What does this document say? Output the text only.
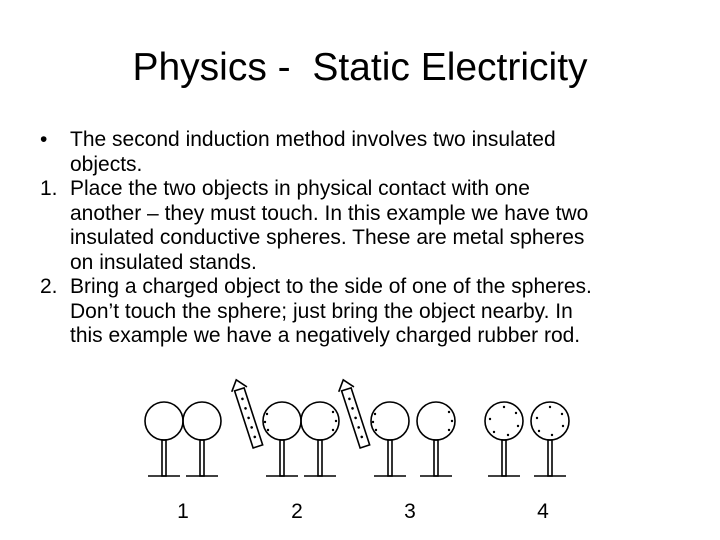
Physics -  Static Electricity
•	The second induction method involves two insulated
objects.
1. Place the two objects in physical contact with one
another – they must touch. In this example we have two
insulated conductive spheres. These are metal spheres
on insulated stands.
2. Bring a charged object to the side of one of the spheres.
Don’t touch the sphere; just bring the object nearby. In
this example we have a negatively charged rubber rod.
1	2	3	4
